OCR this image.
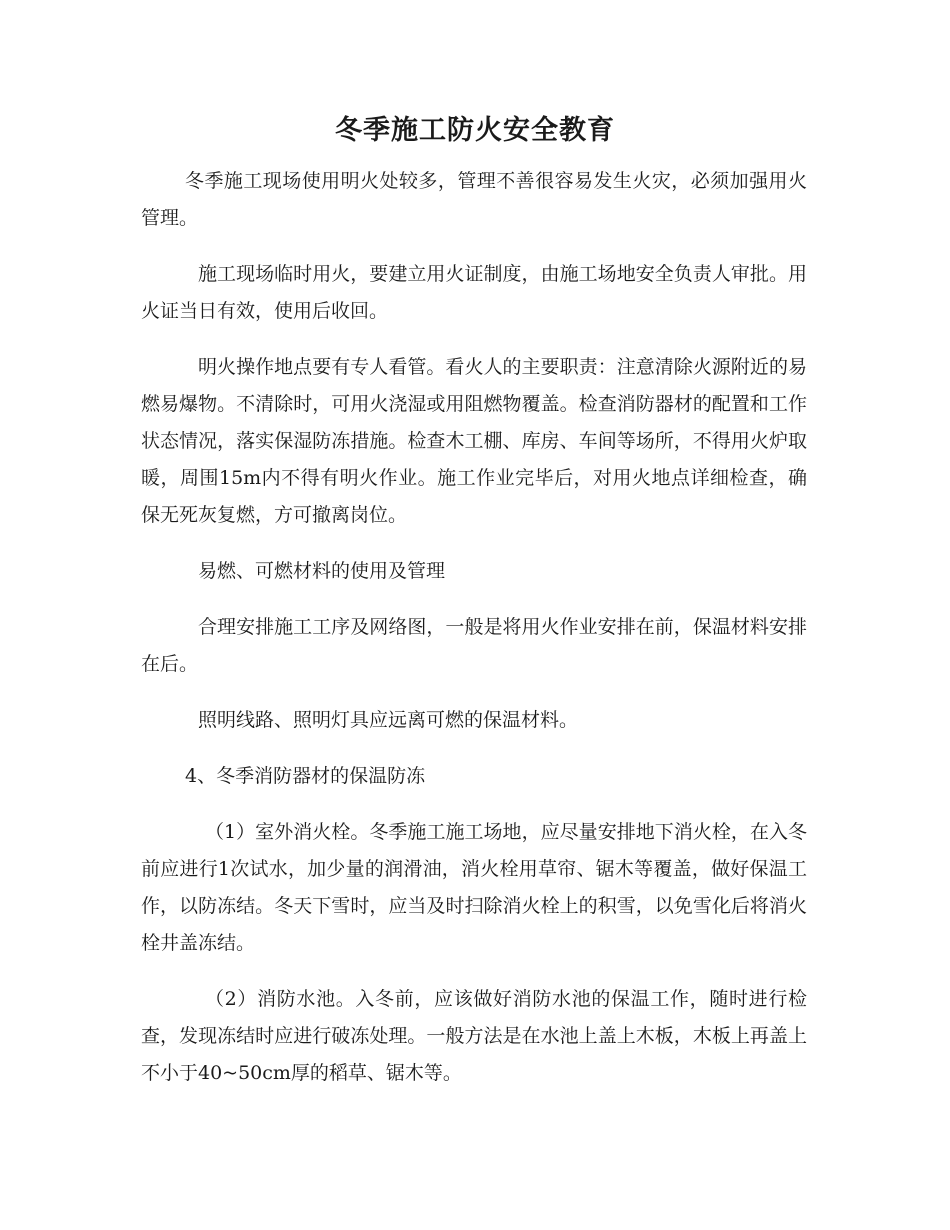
冬季施工防火安全教育

冬季施工现场使用明火处较多，管理不善很容易发生火灾，必须加强用火管理。

施工现场临时用火，要建立用火证制度，由施工场地安全负责人审批。用火证当日有效，使用后收回。

明火操作地点要有专人看管。看火人的主要职责：注意清除火源附近的易燃易爆物。不清除时，可用火浇湿或用阻燃物覆盖。检查消防器材的配置和工作状态情况，落实保湿防冻措施。检查木工棚、库房、车间等场所，不得用火炉取暖，周围15m内不得有明火作业。施工作业完毕后，对用火地点详细检查，确保无死灰复燃，方可撤离岗位。

易燃、可燃材料的使用及管理

合理安排施工工序及网络图，一般是将用火作业安排在前，保温材料安排在后。

照明线路、照明灯具应远离可燃的保温材料。

4、冬季消防器材的保温防冻

（1）室外消火栓。冬季施工施工场地，应尽量安排地下消火栓，在入冬前应进行1次试水，加少量的润滑油，消火栓用草帘、锯木等覆盖，做好保温工作，以防冻结。冬天下雪时，应当及时扫除消火栓上的积雪，以免雪化后将消火栓井盖冻结。

（2）消防水池。入冬前，应该做好消防水池的保温工作，随时进行检查，发现冻结时应进行破冻处理。一般方法是在水池上盖上木板，木板上再盖上不小于40~50cm厚的稻草、锯木等。
